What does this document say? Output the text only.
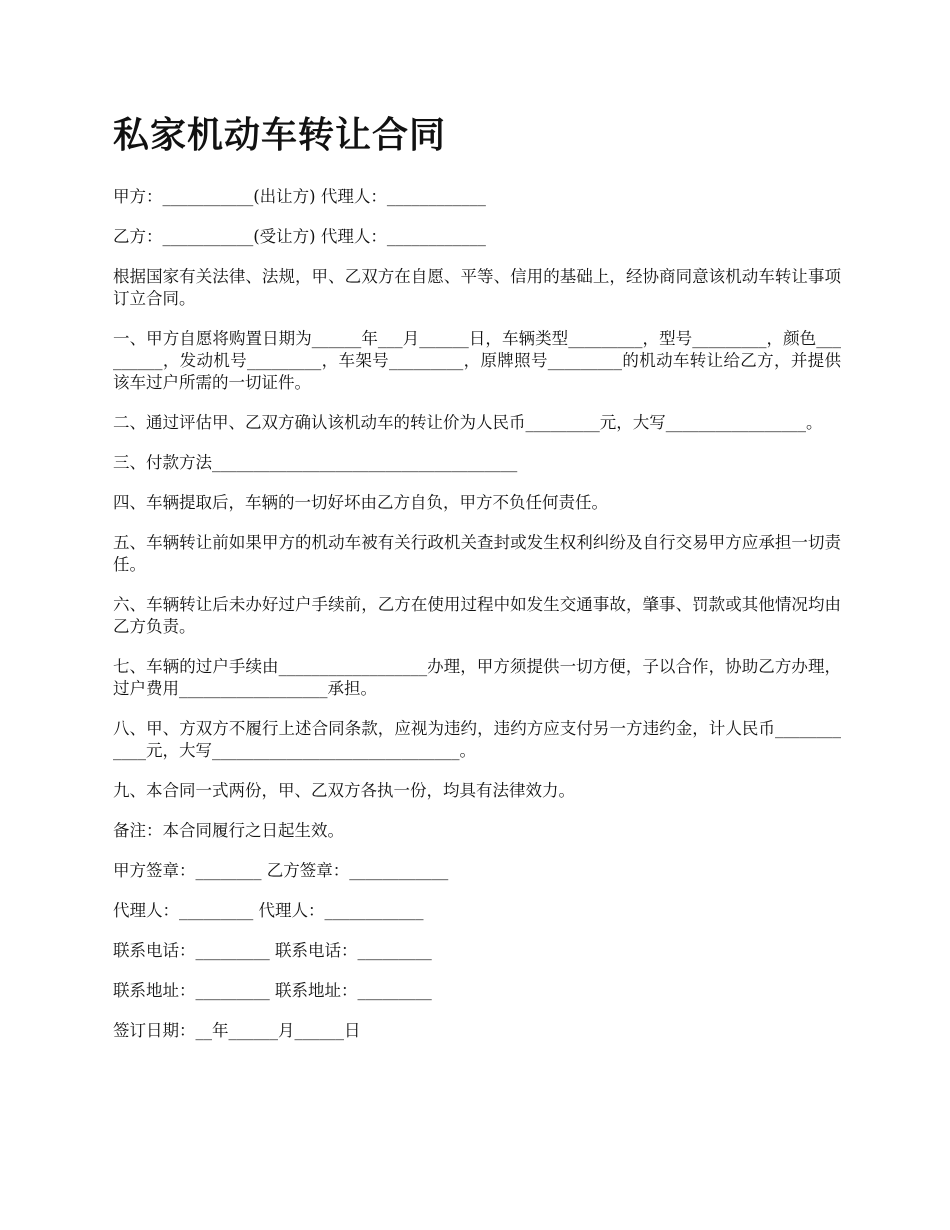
私家机动车转让合同

甲方：___________(出让方) 代理人：____________

乙方：___________(受让方) 代理人：____________

根据国家有关法律、法规，甲、乙双方在自愿、平等、信用的基础上，经协商同意该机动车转让事项订立合同。

一、甲方自愿将购置日期为______年___月______日，车辆类型_________，型号_________，颜色_________，发动机号_________，车架号_________，原牌照号_________的机动车转让给乙方，并提供该车过户所需的一切证件。

二、通过评估甲、乙双方确认该机动车的转让价为人民币_________元，大写_________________。

三、付款方法_____________________________________

四、车辆提取后，车辆的一切好坏由乙方自负，甲方不负任何责任。

五、车辆转让前如果甲方的机动车被有关行政机关查封或发生权利纠纷及自行交易甲方应承担一切责任。

六、车辆转让后未办好过户手续前，乙方在使用过程中如发生交通事故，肇事、罚款或其他情况均由乙方负责。

七、车辆的过户手续由__________________办理，甲方须提供一切方便，子以合作，协助乙方办理，过户费用__________________承担。

八、甲、方双方不履行上述合同条款，应视为违约，违约方应支付另一方违约金，计人民币____________元，大写______________________________。

九、本合同一式两份，甲、乙双方各执一份，均具有法律效力。

备注：本合同履行之日起生效。

甲方签章：________ 乙方签章：____________

代理人：_________ 代理人：____________

联系电话：_________ 联系电话：_________

联系地址：_________ 联系地址：_________

签订日期：__年______月______日
